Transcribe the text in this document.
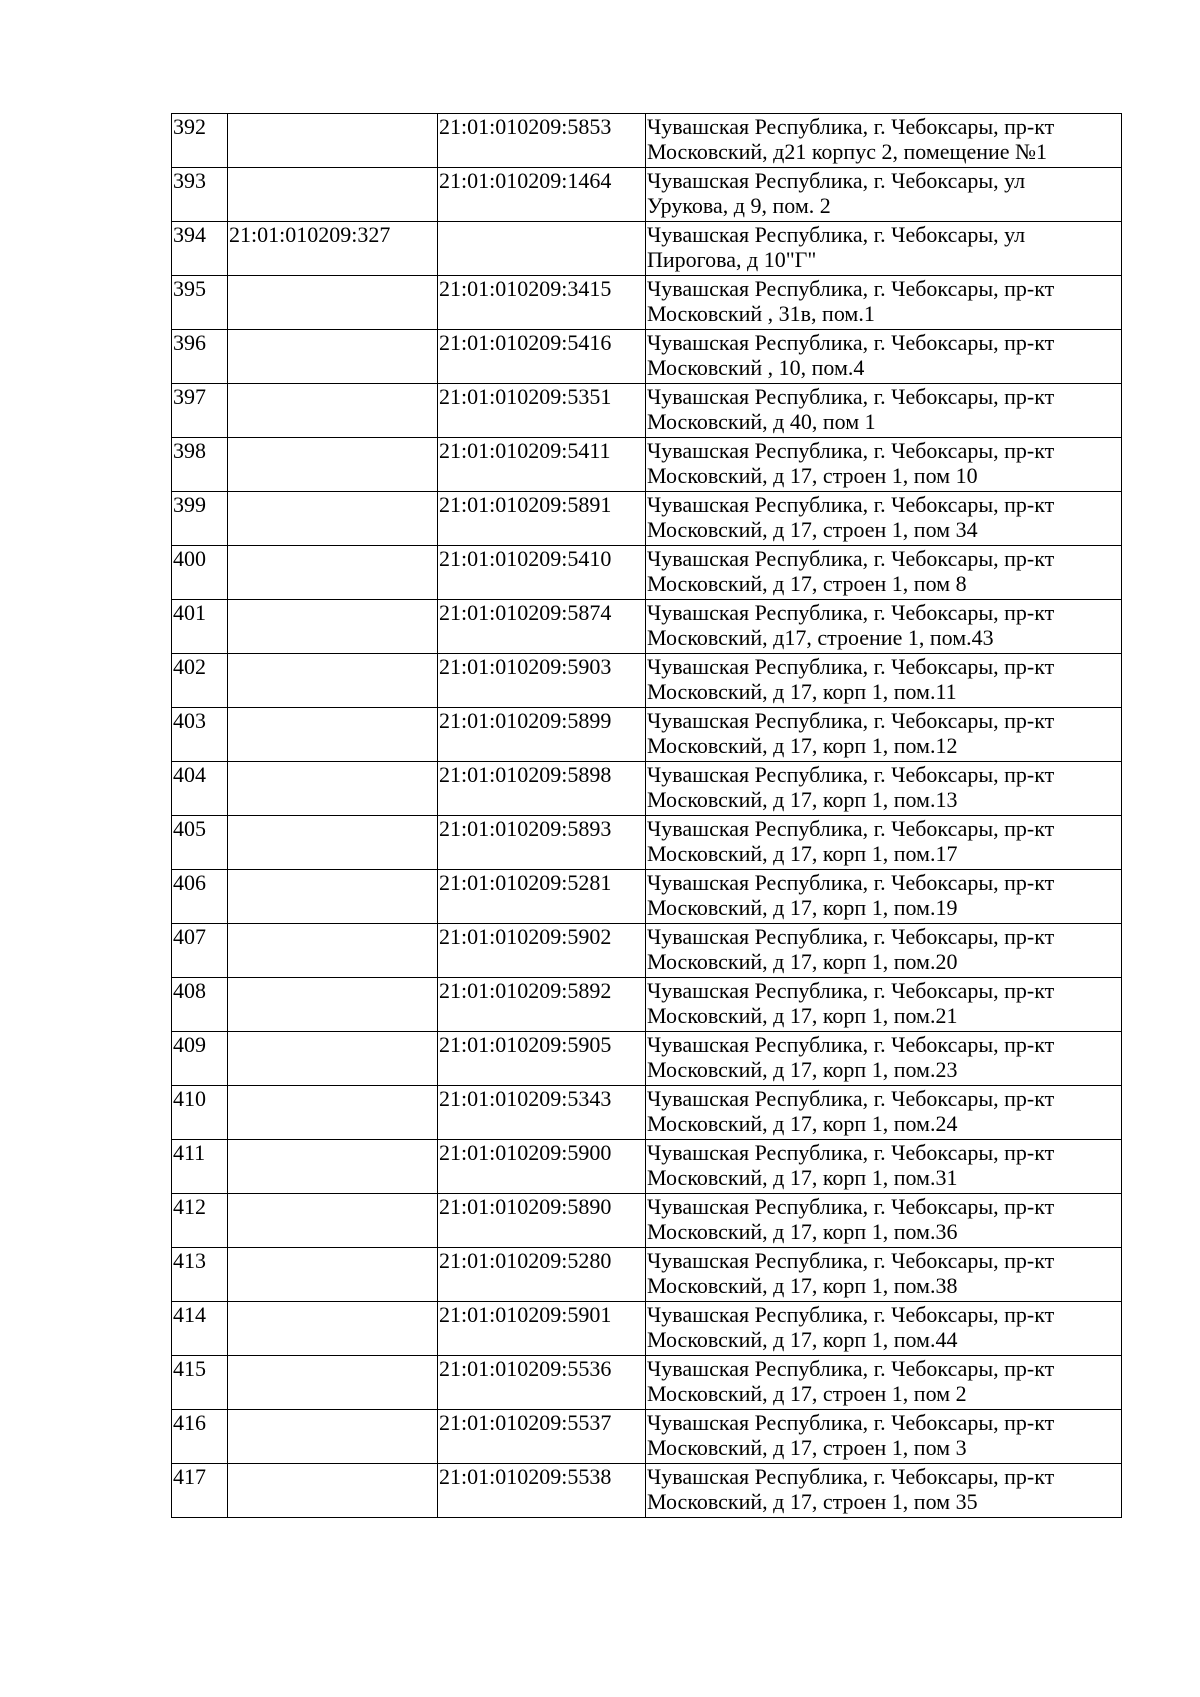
392		21:01:010209:5853	Чувашская Республика, г. Чебоксары, пр-кт
Московский, д21 корпус 2, помещение №1

393		21:01:010209:1464	Чувашская Республика, г. Чебоксары, ул
Урукова, д 9, пом. 2

394	21:01:010209:327		Чувашская Республика, г. Чебоксары, ул
Пирогова, д 10"Г"

395		21:01:010209:3415	Чувашская Республика, г. Чебоксары, пр-кт
Московский , 31в, пом.1

396		21:01:010209:5416	Чувашская Республика, г. Чебоксары, пр-кт
Московский , 10, пом.4

397		21:01:010209:5351	Чувашская Республика, г. Чебоксары, пр-кт
Московский, д 40, пом 1

398		21:01:010209:5411	Чувашская Республика, г. Чебоксары, пр-кт
Московский, д 17, строен 1, пом 10

399		21:01:010209:5891	Чувашская Республика, г. Чебоксары, пр-кт
Московский, д 17, строен 1, пом 34

400		21:01:010209:5410	Чувашская Республика, г. Чебоксары, пр-кт
Московский, д 17, строен 1, пом 8

401		21:01:010209:5874	Чувашская Республика, г. Чебоксары, пр-кт
Московский, д17, строение 1, пом.43

402		21:01:010209:5903	Чувашская Республика, г. Чебоксары, пр-кт
Московский, д 17, корп 1, пом.11

403		21:01:010209:5899	Чувашская Республика, г. Чебоксары, пр-кт
Московский, д 17, корп 1, пом.12

404		21:01:010209:5898	Чувашская Республика, г. Чебоксары, пр-кт
Московский, д 17, корп 1, пом.13

405		21:01:010209:5893	Чувашская Республика, г. Чебоксары, пр-кт
Московский, д 17, корп 1, пом.17

406		21:01:010209:5281	Чувашская Республика, г. Чебоксары, пр-кт
Московский, д 17, корп 1, пом.19

407		21:01:010209:5902	Чувашская Республика, г. Чебоксары, пр-кт
Московский, д 17, корп 1, пом.20

408		21:01:010209:5892	Чувашская Республика, г. Чебоксары, пр-кт
Московский, д 17, корп 1, пом.21

409		21:01:010209:5905	Чувашская Республика, г. Чебоксары, пр-кт
Московский, д 17, корп 1, пом.23

410		21:01:010209:5343	Чувашская Республика, г. Чебоксары, пр-кт
Московский, д 17, корп 1, пом.24

411		21:01:010209:5900	Чувашская Республика, г. Чебоксары, пр-кт
Московский, д 17, корп 1, пом.31

412		21:01:010209:5890	Чувашская Республика, г. Чебоксары, пр-кт
Московский, д 17, корп 1, пом.36

413		21:01:010209:5280	Чувашская Республика, г. Чебоксары, пр-кт
Московский, д 17, корп 1, пом.38

414		21:01:010209:5901	Чувашская Республика, г. Чебоксары, пр-кт
Московский, д 17, корп 1, пом.44

415		21:01:010209:5536	Чувашская Республика, г. Чебоксары, пр-кт
Московский, д 17, строен 1, пом 2

416		21:01:010209:5537	Чувашская Республика, г. Чебоксары, пр-кт
Московский, д 17, строен 1, пом 3

417		21:01:010209:5538	Чувашская Республика, г. Чебоксары, пр-кт
Московский, д 17, строен 1, пом 35
